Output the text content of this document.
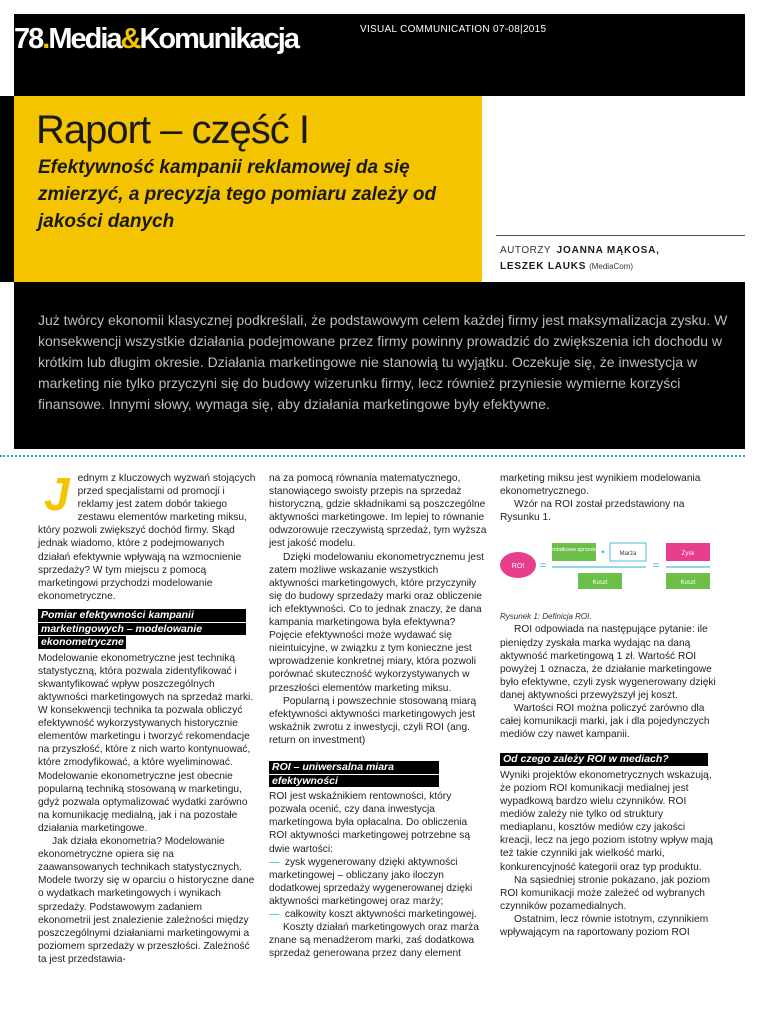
78 . Media & Komunikacja	VISUAL COMMUNICATION 07-08|2015
Raport – część I
Efektywność kampanii reklamowej da się zmierzyć, a precyzja tego pomiaru zależy od jakości danych
AUTORZY JOANNA MĄKOSA,
LESZEK LAUKS (MediaCom)

Już twórcy ekonomii klasycznej podkreślali, że podstawowym celem każdej firmy jest maksymalizacja zysku. W konsekwencji wszystkie działania podejmowane przez firmy powinny prowadzić do zwiększenia ich dochodu w krótkim lub długim okresie. Działania marketingowe nie stanowią tu wyjątku. Oczekuje się, że inwestycja w marketing nie tylko przyczyni się do budowy wizerunku firmy, lecz również przyniesie wymierne korzyści finansowe. Innymi słowy, wymaga się, aby działania marketingowe były efektywne.

Jednym z kluczowych wyzwań stojących przed specjalistami od promocji i reklamy jest zatem dobór takiego zestawu elementów marketing miksu, który pozwoli zwiększyć dochód firmy. Skąd jednak wiadomo, które z podejmowanych działań efektywnie wpływają na wzmocnienie sprzedaży? W tym miejscu z pomocą marketingowi przychodzi modelowanie ekonometryczne.

Pomiar efektywności kampanii
marketingowych – modelowanie
ekonometryczne

Modelowanie ekonometryczne jest techniką statystyczną, która pozwala zidentyfikować i skwantyfikować wpływ poszczególnych aktywności marketingowych na sprzedaż marki. W konsekwencji technika ta pozwala obliczyć efektywność wykorzystywanych historycznie elementów marketingu i tworzyć rekomendacje na przyszłość, które z nich warto kontynuować, które zmodyfikować, a które wyeliminować. Modelowanie ekonometryczne jest obecnie popularną techniką stosowaną w marketingu, gdyż pozwala optymalizować wydatki zarówno na komunikację medialną, jak i na pozostałe działania marketingowe.

Jak działa ekonometria? Modelowanie ekonometryczne opiera się na zaawansowanych technikach statystycznych. Modele tworzy się w oparciu o historyczne dane o wydatkach marketingowych i wynikach sprzedaży. Podstawowym zadaniem ekonometrii jest znalezienie zależności między poszczególnymi działaniami marketingowymi a poziomem sprzedaży w przeszłości. Zależność ta jest przedstawia-

na za pomocą równania matematycznego, stanowiącego swoisty przepis na sprzedaż historyczną, gdzie składnikami są poszczególne aktywności marketingowe. Im lepiej to równanie odwzorowuje rzeczywistą sprzedaż, tym wyższa jest jakość modelu.

Dzięki modelowaniu ekonometrycznemu jest zatem możliwe wskazanie wszystkich aktywności marketingowych, które przyczyniły się do budowy sprzedaży marki oraz obliczenie ich efektywności. Co to jednak znaczy, że dana kampania marketingowa była efektywna? Pojęcie efektywności może wydawać się nieintuicyjne, w związku z tym konieczne jest wprowadzenie konkretnej miary, która pozwoli porównać skuteczność wykorzystywanych w przeszłości elementów marketing miksu.

Popularną i powszechnie stosowaną miarą efektywności aktywności marketingowych jest wskaźnik zwrotu z inwestycji, czyli ROI (ang. return on investment)

ROI – uniwersalna miara
efektywności

ROI jest wskaźnikiem rentowności, który pozwala ocenić, czy dana inwestycja marketingowa była opłacalna. Do obliczenia ROI aktywności marketingowej potrzebne są dwie wartości:

— zysk wygenerowany dzięki aktywności marketingowej – obliczany jako iloczyn dodatkowej sprzedaży wygenerowanej dzięki aktywności marketingowej oraz marży;

— całkowity koszt aktywności marketingowej.

Koszty działań marketingowych oraz marża znane są menadżerom marki, zaś dodatkowa sprzedaż generowana przez dany element

marketing miksu jest wynikiem modelowania ekonometrycznego.

Wzór na ROI został przedstawiony na Rysunku 1.

ROI =
Dodatkowa sprzedaż •	Marża
Koszt
=
Zysk
Koszt

Rysunek 1: Definicja ROI.

ROI odpowiada na następujące pytanie: ile pieniędzy zyskała marka wydając na daną aktywność marketingową 1 zł. Wartość ROI powyżej 1 oznacza, że działanie marketingowe było efektywne, czyli zysk wygenerowany dzięki danej aktywności przewyższył jej koszt.

Wartości ROI można policzyć zarówno dla całej komunikacji marki, jak i dla pojedynczych mediów czy nawet kampanii.

Od czego zależy ROI w mediach?

Wyniki projektów ekonometrycznych wskazują, że poziom ROI komunikacji medialnej jest wypadkową bardzo wielu czynników. ROI mediów zależy nie tylko od struktury mediaplanu, kosztów mediów czy jakości kreacji, lecz na jego poziom istotny wpływ mają też takie czynniki jak wielkość marki, konkurencyjność kategorii oraz typ produktu.

Na sąsiedniej stronie pokazano, jak poziom ROI komunikacji może zależeć od wybranych czynników pozamedialnych.

Ostatnim, lecz równie istotnym, czynnikiem wpływającym na raportowany poziom ROI
